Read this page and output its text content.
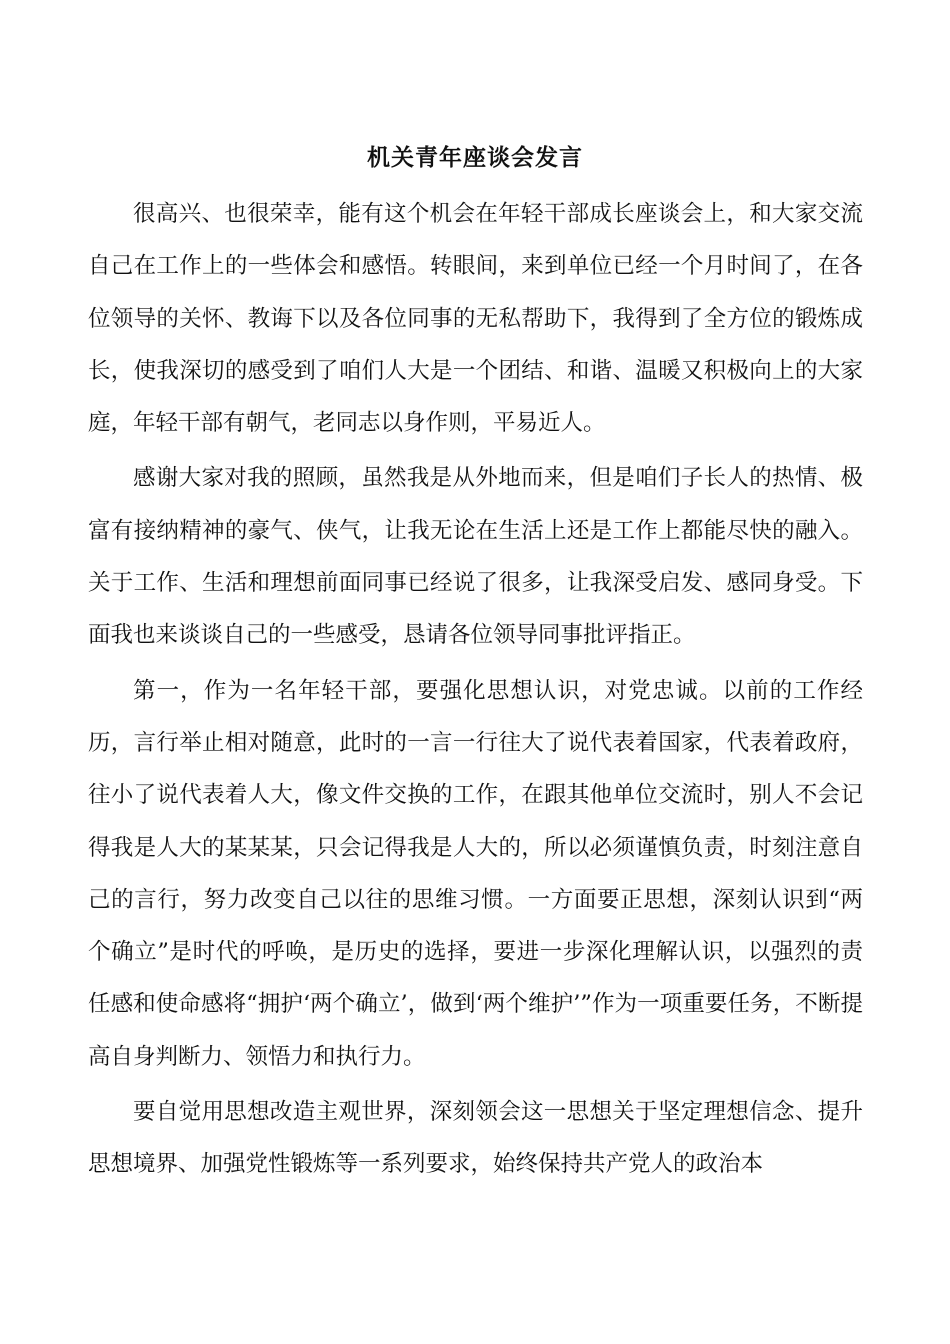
机关青年座谈会发言

很高兴、也很荣幸，能有这个机会在年轻干部成长座谈会上，和大家交流自己在工作上的一些体会和感悟。转眼间，来到单位已经一个月时间了，在各位领导的关怀、教诲下以及各位同事的无私帮助下，我得到了全方位的锻炼成长，使我深切的感受到了咱们人大是一个团结、和谐、温暖又积极向上的大家庭，年轻干部有朝气，老同志以身作则，平易近人。

感谢大家对我的照顾，虽然我是从外地而来，但是咱们子长人的热情、极富有接纳精神的豪气、侠气，让我无论在生活上还是工作上都能尽快的融入。关于工作、生活和理想前面同事已经说了很多，让我深受启发、感同身受。下面我也来谈谈自己的一些感受，恳请各位领导同事批评指正。

第一，作为一名年轻干部，要强化思想认识，对党忠诚。以前的工作经历，言行举止相对随意，此时的一言一行往大了说代表着国家，代表着政府，往小了说代表着人大，像文件交换的工作，在跟其他单位交流时，别人不会记得我是人大的某某某，只会记得我是人大的，所以必须谨慎负责，时刻注意自己的言行，努力改变自己以往的思维习惯。一方面要正思想，深刻认识到“两个确立”是时代的呼唤，是历史的选择，要进一步深化理解认识，以强烈的责任感和使命感将“拥护‘两个确立’，做到‘两个维护’”作为一项重要任务，不断提高自身判断力、领悟力和执行力。

要自觉用思想改造主观世界，深刻领会这一思想关于坚定理想信念、提升思想境界、加强党性锻炼等一系列要求，始终保持共产党人的政治本
